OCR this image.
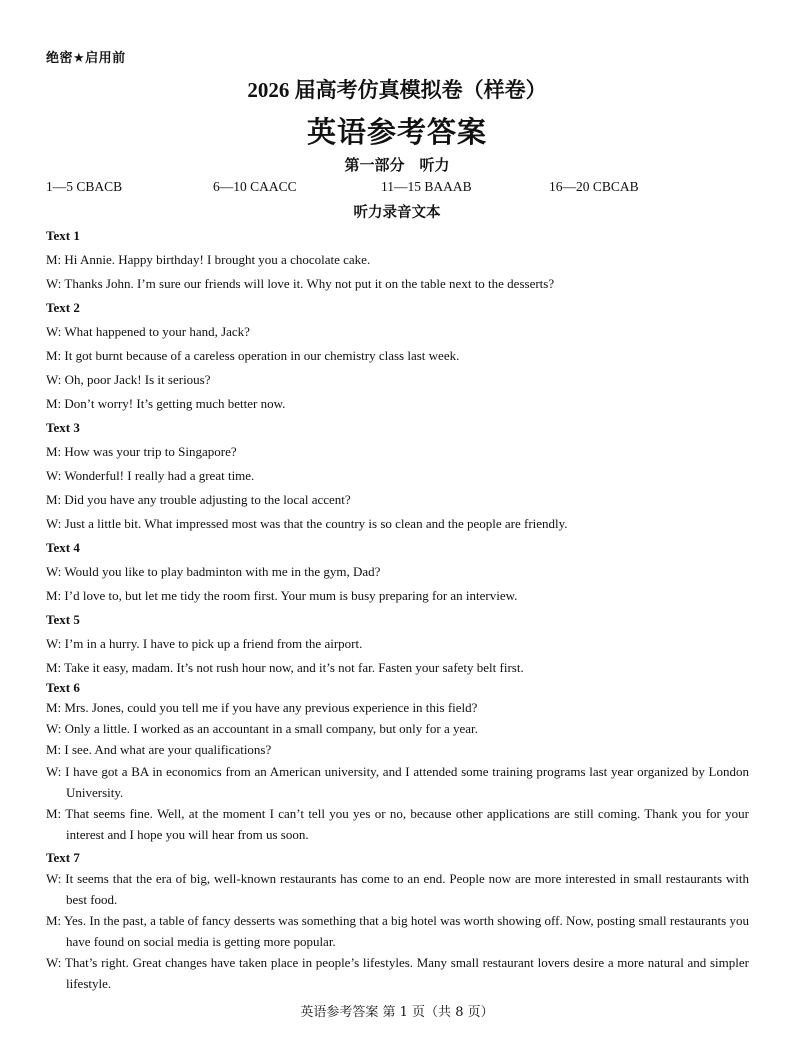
绝密★启用前
2026 届高考仿真模拟卷（样卷）
英语参考答案
第一部分　听力
1—5 CBACB	6—10 CAACC	11—15 BAAAB	16—20 CBCAB
听力录音文本
Text 1
M: Hi Annie. Happy birthday! I brought you a chocolate cake.
W: Thanks John. I’m sure our friends will love it. Why not put it on the table next to the desserts?
Text 2
W: What happened to your hand, Jack?
M: It got burnt because of a careless operation in our chemistry class last week.
W: Oh, poor Jack! Is it serious?
M: Don’t worry! It’s getting much better now.
Text 3
M: How was your trip to Singapore?
W: Wonderful! I really had a great time.
M: Did you have any trouble adjusting to the local accent?
W: Just a little bit. What impressed most was that the country is so clean and the people are friendly.
Text 4
W: Would you like to play badminton with me in the gym, Dad?
M: I’d love to, but let me tidy the room first. Your mum is busy preparing for an interview.
Text 5
W: I’m in a hurry. I have to pick up a friend from the airport.
M: Take it easy, madam. It’s not rush hour now, and it’s not far. Fasten your safety belt first.
Text 6
M: Mrs. Jones, could you tell me if you have any previous experience in this field?
W: Only a little. I worked as an accountant in a small company, but only for a year.
M: I see. And what are your qualifications?
W: I have got a BA in economics from an American university, and I attended some training programs last year organized by London University.
M: That seems fine. Well, at the moment I can’t tell you yes or no, because other applications are still coming. Thank you for your interest and I hope you will hear from us soon.
Text 7
W: It seems that the era of big, well-known restaurants has come to an end. People now are more interested in small restaurants with best food.
M: Yes. In the past, a table of fancy desserts was something that a big hotel was worth showing off. Now, posting small restaurants you have found on social media is getting more popular.
W: That’s right. Great changes have taken place in people’s lifestyles. Many small restaurant lovers desire a more natural and simpler lifestyle.
英语参考答案 第 1 页（共 8 页）
